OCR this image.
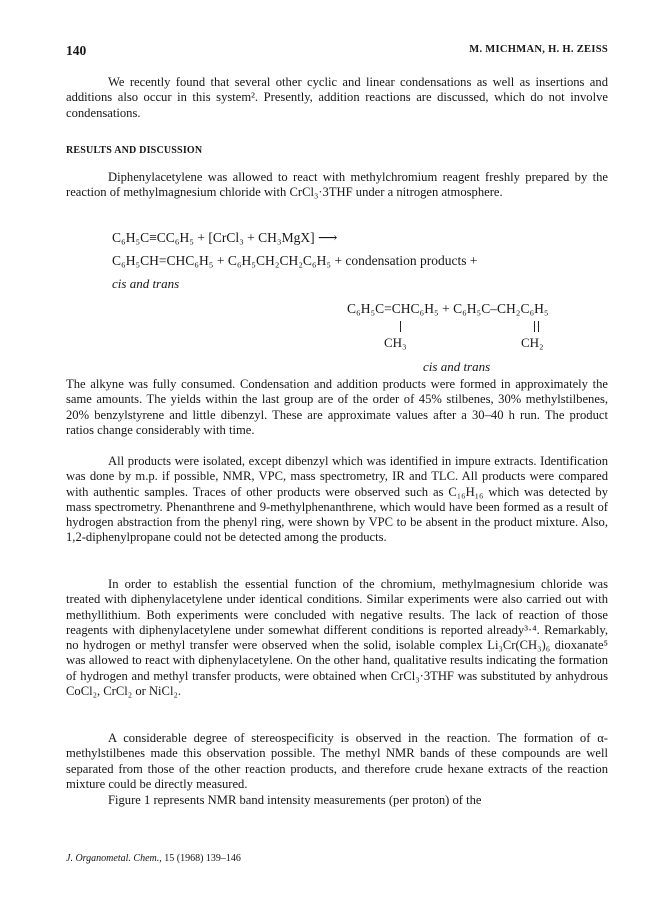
140	M. MICHMAN, H. H. ZEISS

We recently found that several other cyclic and linear condensations as well as insertions and additions also occur in this system². Presently, addition reactions are discussed, which do not involve condensations.

RESULTS AND DISCUSSION

Diphenylacetylene was allowed to react with methylchromium reagent freshly prepared by the reaction of methylmagnesium chloride with CrCl₃·3THF under a nitrogen atmosphere.

C₆H₅C≡CC₆H₅ + [CrCl₃ + CH₃MgX] ⟶
C₆H₅CH=CHC₆H₅ + C₆H₅CH₂CH₂C₆H₅ + condensation products +
cis and trans
C₆H₅C=CHC₆H₅ + C₆H₅C–CH₂C₆H₅
CH₃	CH₂
cis and trans

The alkyne was fully consumed. Condensation and addition products were formed in approximately the same amounts. The yields within the last group are of the order of 45% stilbenes, 30% methylstilbenes, 20% benzylstyrene and little dibenzyl. These are approximate values after a 30–40 h run. The product ratios change considerably with time.

All products were isolated, except dibenzyl which was identified in impure extracts. Identification was done by m.p. if possible, NMR, VPC, mass spectrometry, IR and TLC. All products were compared with authentic samples. Traces of other products were observed such as C₁₆H₁₆ which was detected by mass spectrometry. Phenanthrene and 9-methylphenanthrene, which would have been formed as a result of hydrogen abstraction from the phenyl ring, were shown by VPC to be absent in the product mixture. Also, 1,2-diphenylpropane could not be detected among the products.

In order to establish the essential function of the chromium, methylmagnesium chloride was treated with diphenylacetylene under identical conditions. Similar experiments were also carried out with methyllithium. Both experiments were concluded with negative results. The lack of reaction of those reagents with diphenylacetylene under somewhat different conditions is reported already³·⁴. Remarkably, no hydrogen or methyl transfer were observed when the solid, isolable complex Li₃Cr(CH₃)₆ dioxanate⁵ was allowed to react with diphenylacetylene. On the other hand, qualitative results indicating the formation of hydrogen and methyl transfer products, were obtained when CrCl₃·3THF was substituted by anhydrous CoCl₂, CrCl₂ or NiCl₂.

A considerable degree of stereospecificity is observed in the reaction. The formation of α-methylstilbenes made this observation possible. The methyl NMR bands of these compounds are well separated from those of the other reaction products, and therefore crude hexane extracts of the reaction mixture could be directly measured.

Figure 1 represents NMR band intensity measurements (per proton) of the

J. Organometal. Chem., 15 (1968) 139–146
